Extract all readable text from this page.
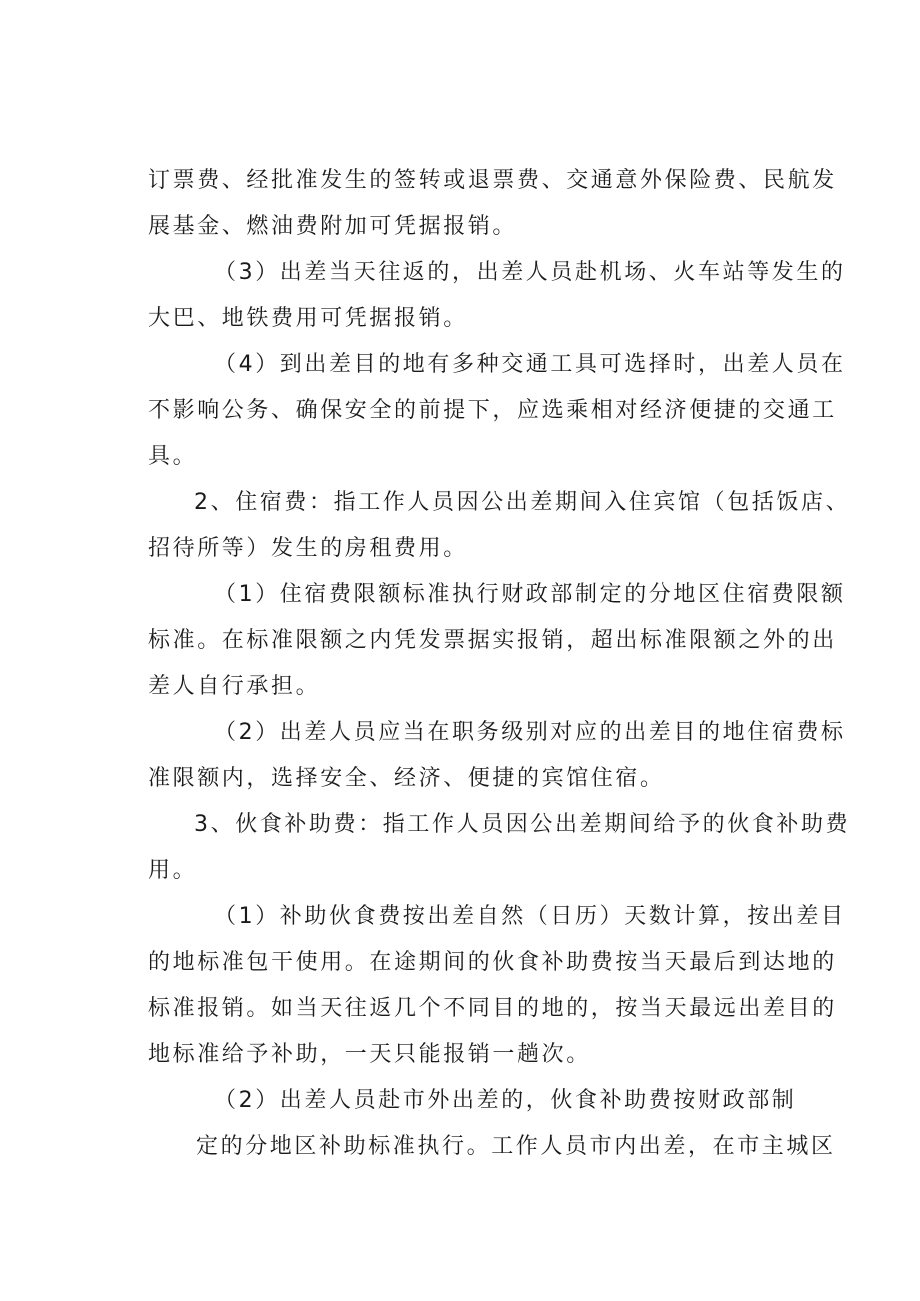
订票费、经批准发生的签转或退票费、交通意外保险费、民航发
展基金、燃油费附加可凭据报销。
（3）出差当天往返的，出差人员赴机场、火车站等发生的
大巴、地铁费用可凭据报销。
（4）到出差目的地有多种交通工具可选择时，出差人员在
不影响公务、确保安全的前提下，应选乘相对经济便捷的交通工
具。
2、住宿费：指工作人员因公出差期间入住宾馆（包括饭店、
招待所等）发生的房租费用。
（1）住宿费限额标准执行财政部制定的分地区住宿费限额
标准。在标准限额之内凭发票据实报销，超出标准限额之外的出
差人自行承担。
（2）出差人员应当在职务级别对应的出差目的地住宿费标
准限额内，选择安全、经济、便捷的宾馆住宿。
3、伙食补助费：指工作人员因公出差期间给予的伙食补助费
用。
（1）补助伙食费按出差自然（日历）天数计算，按出差目
的地标准包干使用。在途期间的伙食补助费按当天最后到达地的
标准报销。如当天往返几个不同目的地的，按当天最远出差目的
地标准给予补助，一天只能报销一趟次。
（2）出差人员赴市外出差的，伙食补助费按财政部制
定的分地区补助标准执行。工作人员市内出差，在市主城区
